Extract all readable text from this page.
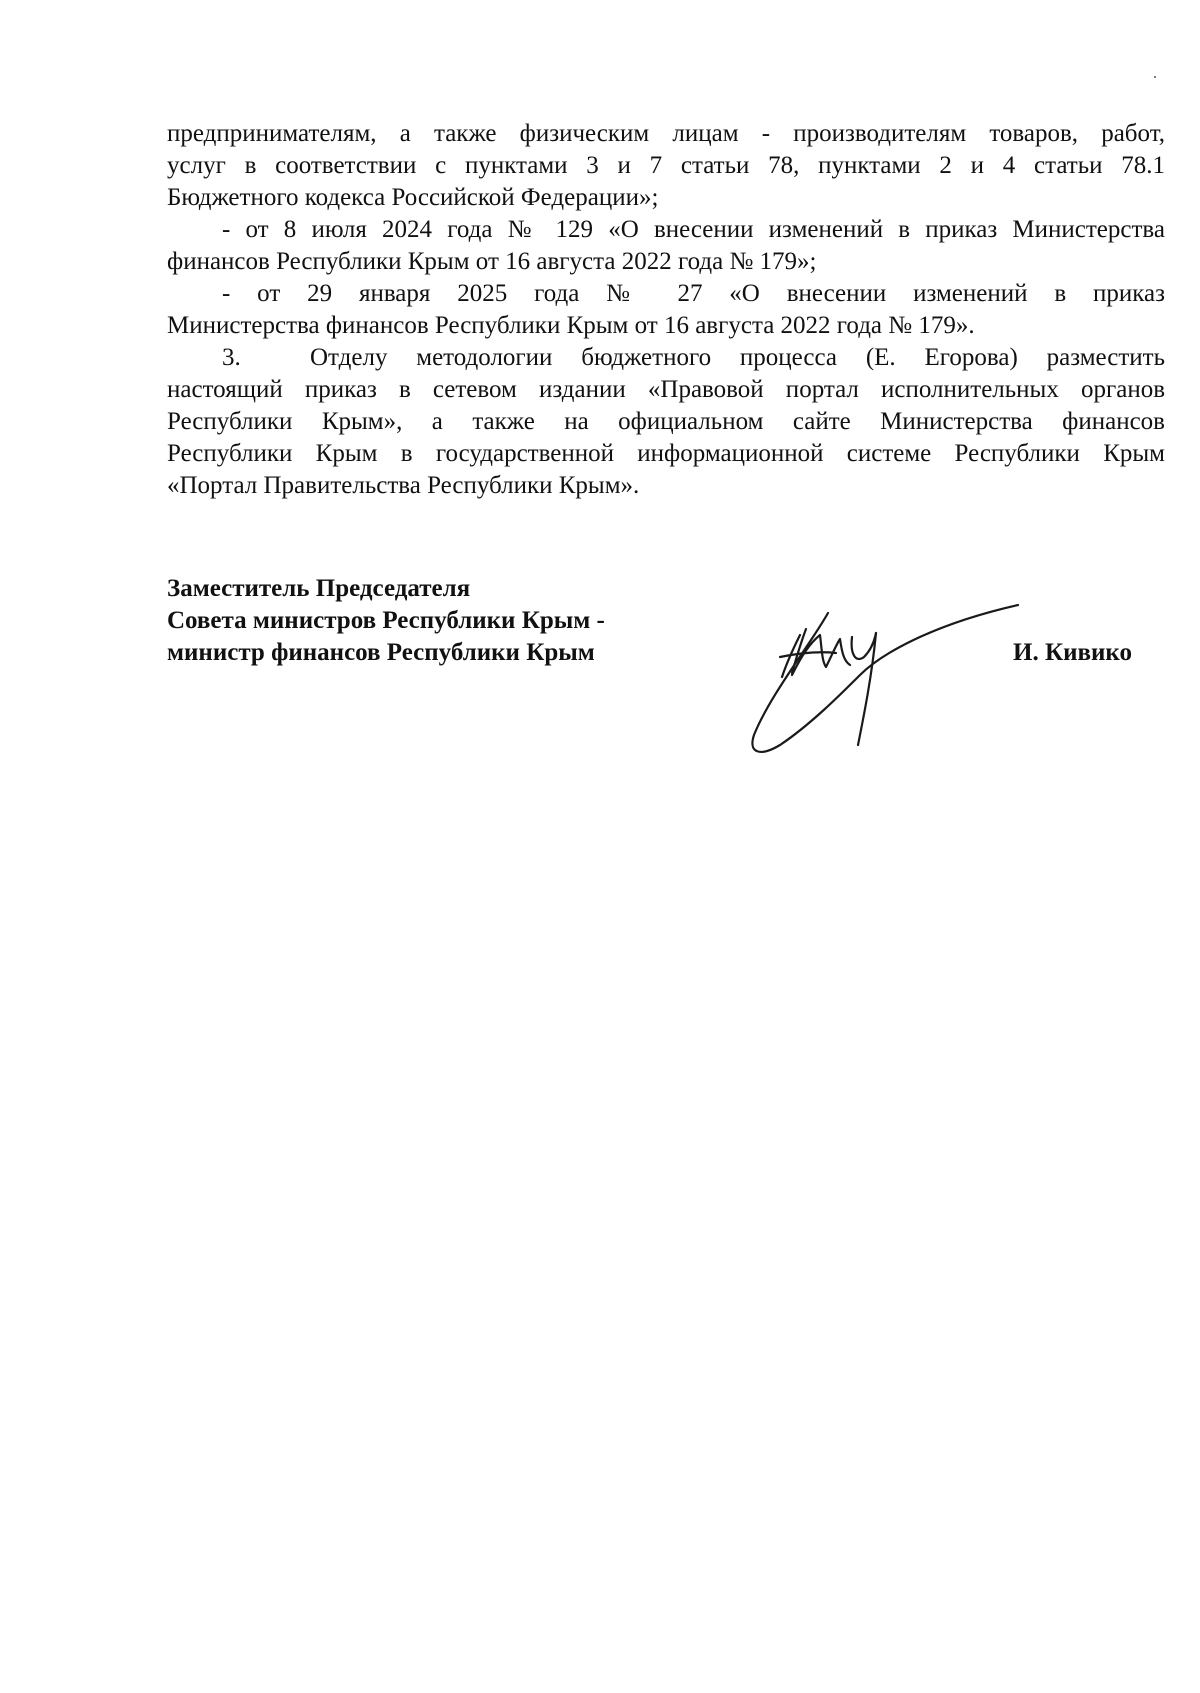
предпринимателям, а также физическим лицам - производителям товаров, работ,
услуг в соответствии с пунктами 3 и 7 статьи 78, пунктами 2 и 4 статьи 78.1
Бюджетного кодекса Российской Федерации»;
- от 8 июля 2024 года № 129 «О внесении изменений в приказ Министерства
финансов Республики Крым от 16 августа 2022 года № 179»;
- от 29 января 2025 года № 27 «О внесении изменений в приказ
Министерства финансов Республики Крым от 16 августа 2022 года № 179».
3.	Отделу методологии бюджетного процесса (Е. Егорова) разместить
настоящий приказ в сетевом издании «Правовой портал исполнительных органов
Республики Крым», а также на официальном сайте Министерства финансов
Республики Крым в государственной информационной системе Республики Крым
«Портал Правительства Республики Крым».
Заместитель Председателя
Совета министров Республики Крым -
министр финансов Республики Крым	И. Кивико
